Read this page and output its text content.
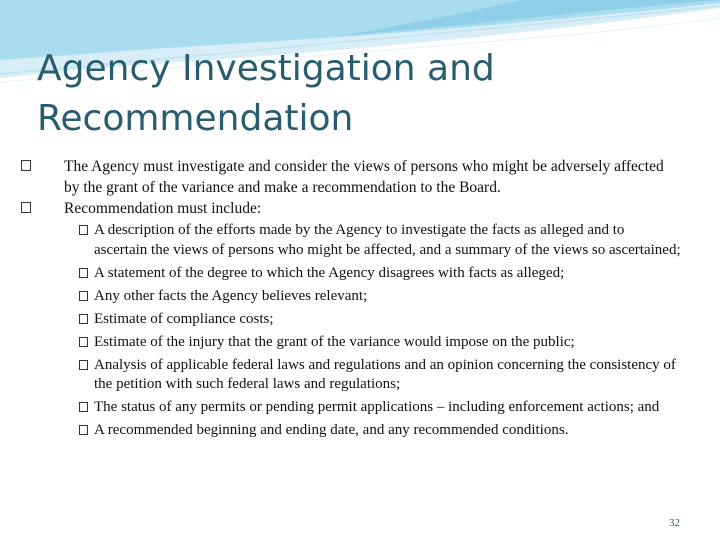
Agency Investigation and
Recommendation
The Agency must investigate and consider the views of persons who might be adversely affected by the grant of the variance and make a recommendation to the Board.
Recommendation must include:
A description of the efforts made by the Agency to investigate the facts as alleged and to ascertain the views of persons who might be affected, and a summary of the views so ascertained;
A statement of the degree to which the Agency disagrees with facts as alleged;
Any other facts the Agency believes relevant;
Estimate of compliance costs;
Estimate of the injury that the grant of the variance would impose on the public;
Analysis of applicable federal laws and regulations and an opinion concerning the consistency of the petition with such federal laws and regulations;
The status of any permits or pending permit applications – including enforcement actions; and
A recommended beginning and ending date, and any recommended conditions.
32
